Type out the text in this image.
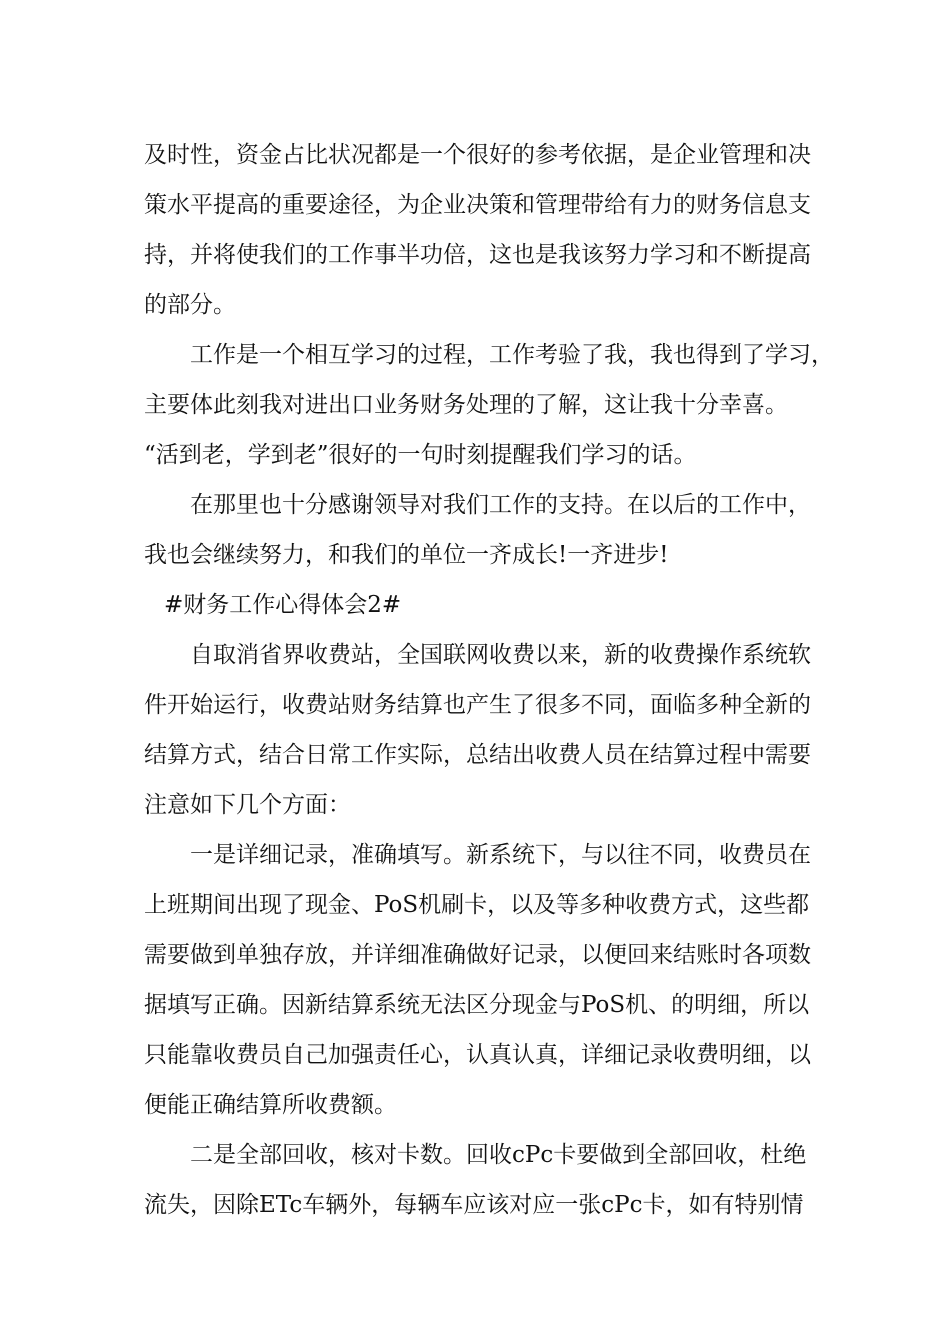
及时性，资金占比状况都是一个很好的参考依据，是企业管理和决

策水平提高的重要途径，为企业决策和管理带给有力的财务信息支

持，并将使我们的工作事半功倍，这也是我该努力学习和不断提高

的部分。

工作是一个相互学习的过程，工作考验了我，我也得到了学习，

主要体此刻我对进出口业务财务处理的了解，这让我十分幸喜。

“活到老，学到老”很好的一句时刻提醒我们学习的话。

在那里也十分感谢领导对我们工作的支持。在以后的工作中，

我也会继续努力，和我们的单位一齐成长!一齐进步!

#财务工作心得体会2#

自取消省界收费站，全国联网收费以来，新的收费操作系统软

件开始运行，收费站财务结算也产生了很多不同，面临多种全新的

结算方式，结合日常工作实际，总结出收费人员在结算过程中需要

注意如下几个方面：

一是详细记录，准确填写。新系统下，与以往不同，收费员在

上班期间出现了现金、PoS机刷卡，以及等多种收费方式，这些都

需要做到单独存放，并详细准确做好记录，以便回来结账时各项数

据填写正确。因新结算系统无法区分现金与PoS机、的明细，所以

只能靠收费员自己加强责任心，认真认真，详细记录收费明细，以

便能正确结算所收费额。

二是全部回收，核对卡数。回收cPc卡要做到全部回收，杜绝

流失，因除ETc车辆外，每辆车应该对应一张cPc卡，如有特别情
